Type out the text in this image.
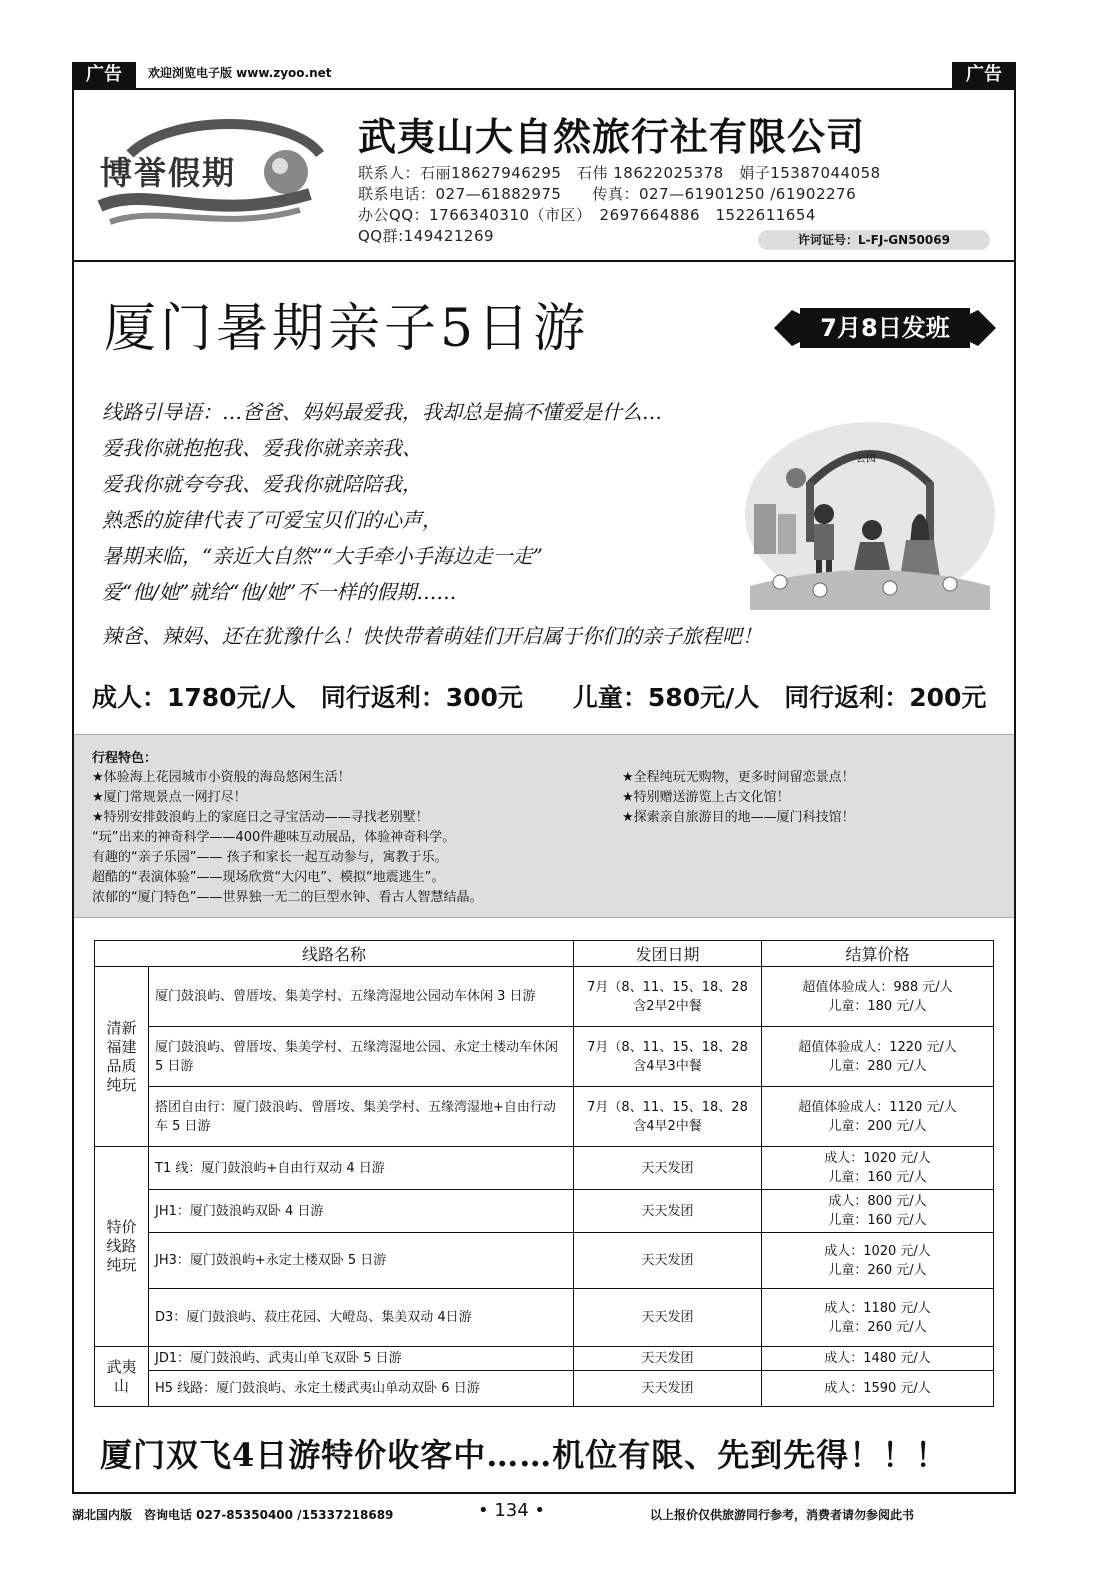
广告	欢迎浏览电子版 www.zyoo.net	广告
博誉假期
武夷山大自然旅行社有限公司
联系人：石丽18627946295　石伟 18622025378　娟子15387044058
联系电话：027—61882975　　传真：027—61901250 /61902276
办公QQ：1766340310（市区）　2697664886　1522611654
QQ群:149421269	许诃证号：L-FJ-GN50069
厦门暑期亲子5日游	7月8日发班
线路引导语：…爸爸、妈妈最爱我，我却总是搞不懂爱是什么…
爱我你就抱抱我、爱我你就亲亲我、
爱我你就夸夸我、爱我你就陪陪我，
熟悉的旋律代表了可爱宝贝们的心声，
暑期来临，“亲近大自然”“大手牵小手海边走一走”
爱“他/她”就给“他/她”不一样的假期……
辣爸、辣妈、还在犹豫什么！快快带着萌娃们开启属于你们的亲子旅程吧！
公园
成人：1780元/人　同行返利：300元　　儿童：580元/人　同行返利：200元
行程特色：
★体验海上花园城市小资般的海岛悠闲生活！
★厦门常规景点一网打尽！
★特别安排鼓浪屿上的家庭日之寻宝活动——寻找老别墅！
“玩”出来的神奇科学——400件趣味互动展品，体验神奇科学。
有趣的“亲子乐园”—— 孩子和家长一起互动参与，寓教于乐。
超酷的“表演体验”——现场欣赏“大闪电”、模拟“地震逃生”。
浓郁的“厦门特色”——世界独一无二的巨型水钟、看古人智慧结晶。
★全程纯玩无购物，更多时间留恋景点！
★特别赠送游览上古文化馆！
★探索亲自旅游目的地——厦门科技馆！
线路名称		发团日期	结算价格
清新福建品质纯玩	厦门鼓浪屿、曾厝垵、集美学村、五缘湾湿地公园动车休闲 3 日游	7月（8、11、15、18、28 含2早2中餐	超值体验成人：988 元/人
儿童：180 元/人

	厦门鼓浪屿、曾厝垵、集美学村、五缘湾湿地公园、永定土楼动车休闲 5 日游	7月（8、11、15、18、28 含4早3中餐	超值体验成人：1220 元/人
儿童：280 元/人

	搭团自由行：厦门鼓浪屿、曾厝垵、集美学村、五缘湾湿地+自由行动车 5 日游	7月（8、11、15、18、28 含4早2中餐	超值体验成人：1120 元/人
儿童：200 元/人

特价线路纯玩	T1 线：厦门鼓浪屿+自由行双动 4 日游	天天发团	成人：1020 元/人
儿童：160 元/人

	JH1：厦门鼓浪屿双卧 4 日游	天天发团	成人：800 元/人
儿童：160 元/人

	JH3：厦门鼓浪屿+永定土楼双卧 5 日游	天天发团	成人：1020 元/人
儿童：260 元/人

	D3：厦门鼓浪屿、菽庄花园、大嶝岛、集美双动 4日游	天天发团	成人：1180 元/人
儿童：260 元/人

武夷山	JD1：厦门鼓浪屿、武夷山单飞双卧 5 日游	天天发团	成人：1480 元/人
	H5 线路：厦门鼓浪屿、永定土楼武夷山单动双卧 6 日游	天天发团	成人：1590 元/人
厦门双飞4日游特价收客中……机位有限、先到先得！！！
湖北国内版　咨询电话 027-85350400 /15337218689	• 134 •	以上报价仅供旅游同行参考，消费者请勿参阅此书
